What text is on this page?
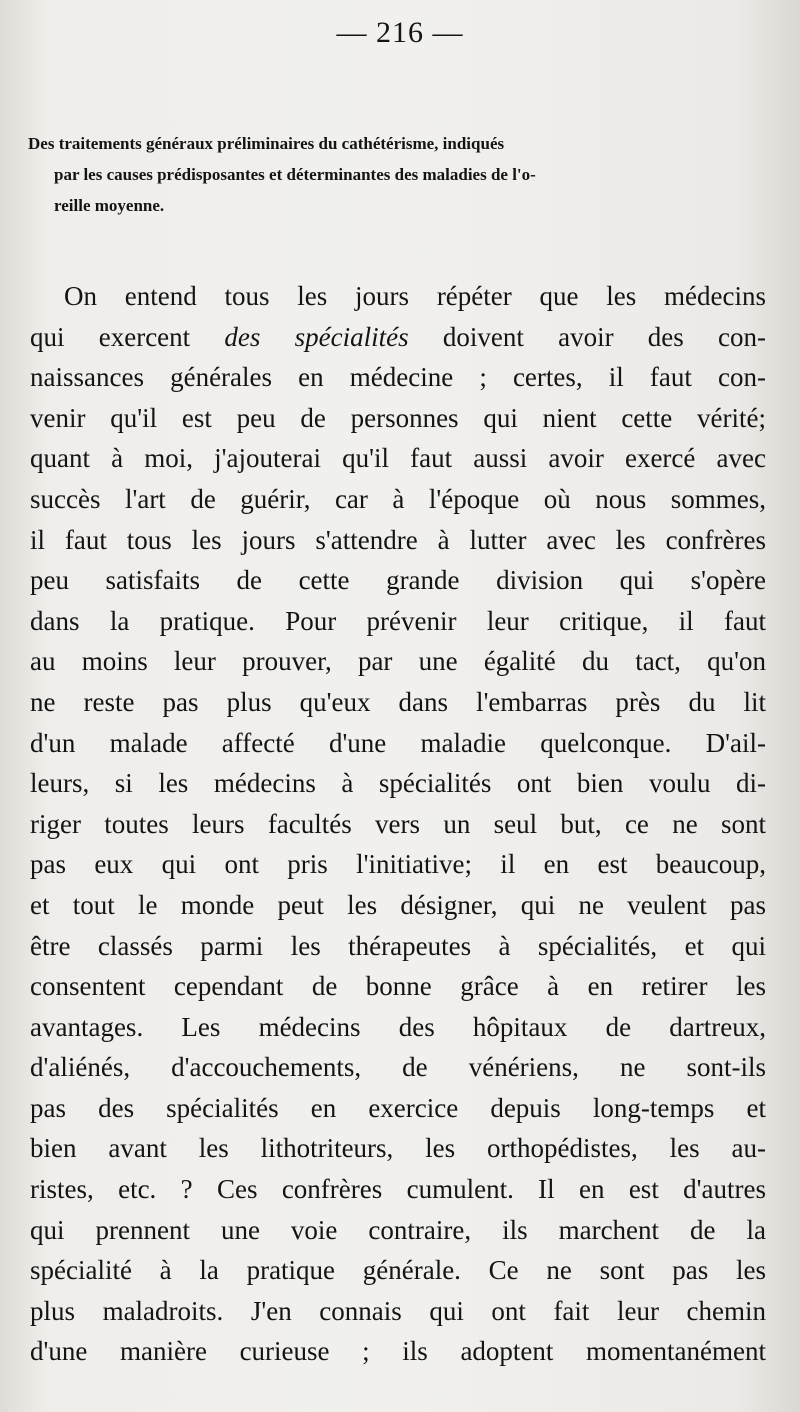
— 216 —
Des traitements généraux préliminaires du cathétérisme, indiqués
par les causes prédisposantes et déterminantes des maladies de l'o-
reille moyenne.
On entend tous les jours répéter que les médecins
qui exercent des spécialités doivent avoir des con-
naissances générales en médecine ; certes, il faut con-
venir qu'il est peu de personnes qui nient cette vérité;
quant à moi, j'ajouterai qu'il faut aussi avoir exercé avec
succès l'art de guérir, car à l'époque où nous sommes,
il faut tous les jours s'attendre à lutter avec les confrères
peu satisfaits de cette grande division qui s'opère
dans la pratique. Pour prévenir leur critique, il faut
au moins leur prouver, par une égalité du tact, qu'on
ne reste pas plus qu'eux dans l'embarras près du lit
d'un malade affecté d'une maladie quelconque. D'ail-
leurs, si les médecins à spécialités ont bien voulu di-
riger toutes leurs facultés vers un seul but, ce ne sont
pas eux qui ont pris l'initiative; il en est beaucoup,
et tout le monde peut les désigner, qui ne veulent pas
être classés parmi les thérapeutes à spécialités, et qui
consentent cependant de bonne grâce à en retirer les
avantages. Les médecins des hôpitaux de dartreux,
d'aliénés, d'accouchements, de vénériens, ne sont-ils
pas des spécialités en exercice depuis long-temps et
bien avant les lithotriteurs, les orthopédistes, les au-
ristes, etc. ? Ces confrères cumulent. Il en est d'autres
qui prennent une voie contraire, ils marchent de la
spécialité à la pratique générale. Ce ne sont pas les
plus maladroits. J'en connais qui ont fait leur chemin
d'une manière curieuse ; ils adoptent momentanément
